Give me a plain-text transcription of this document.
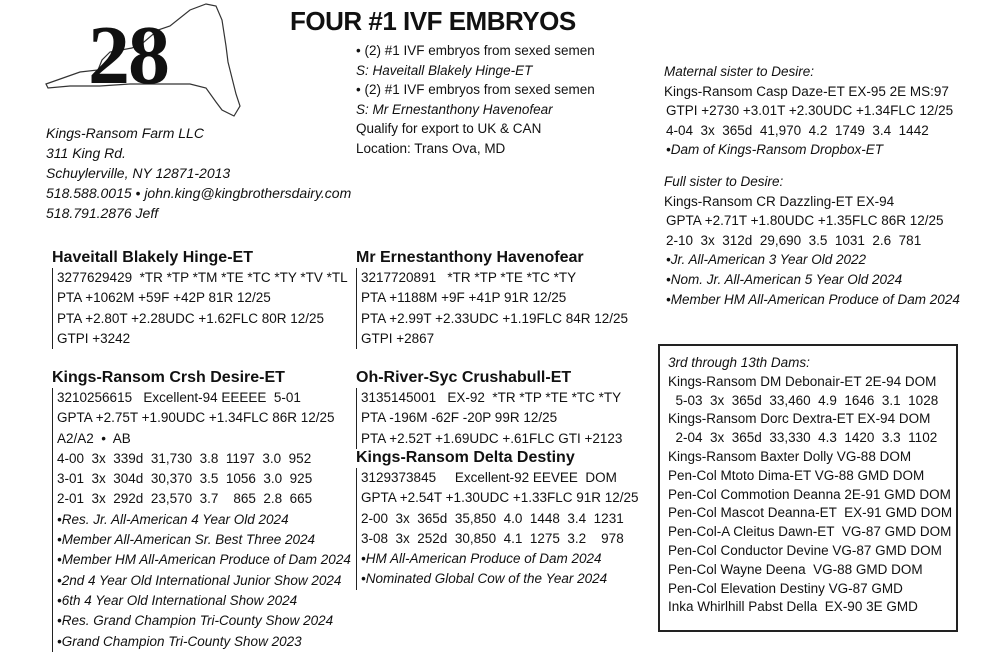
28	FOUR #1 IVF EMBRYOS
• (2) #1 IVF embryos from sexed semen
S: Haveitall Blakely Hinge-ET
• (2) #1 IVF embryos from sexed semen
S: Mr Ernestanthony Havenofear
Qualify for export to UK & CAN
Location: Trans Ova, MD
Kings-Ransom Farm LLC
311 King Rd.
Schuylerville, NY 12871-2013
518.588.0015 • john.king@kingbrothersdairy.com
518.791.2876 Jeff
Haveitall Blakely Hinge-ET
3277629429  *TR *TP *TM *TE *TC *TY *TV *TL
PTA +1062M +59F +42P 81R 12/25
PTA +2.80T +2.28UDC +1.62FLC 80R 12/25
GTPI +3242
Mr Ernestanthony Havenofear
3217720891   *TR *TP *TE *TC *TY
PTA +1188M +9F +41P 91R 12/25
PTA +2.99T +2.33UDC +1.19FLC 84R 12/25
GTPI +2867
Kings-Ransom Crsh Desire-ET
3210256615   Excellent-94 EEEEE  5-01
GPTA +2.75T +1.90UDC +1.34FLC 86R 12/25
A2/A2  •  AB
4-00  3x  339d  31,730  3.8  1197  3.0  952
3-01  3x  304d  30,370  3.5  1056  3.0  925
2-01  3x  292d  23,570  3.7    865  2.8  665
•Res. Jr. All-American 4 Year Old 2024
•Member All-American Sr. Best Three 2024
•Member HM All-American Produce of Dam 2024
•2nd 4 Year Old International Junior Show 2024
•6th 4 Year Old International Show 2024
•Res. Grand Champion Tri-County Show 2024
•Grand Champion Tri-County Show 2023
Oh-River-Syc Crushabull-ET
3135145001   EX-92  *TR *TP *TE *TC *TY
PTA -196M -62F -20P 99R 12/25
PTA +2.52T +1.69UDC +.61FLC GTI +2123
Kings-Ransom Delta Destiny
3129373845     Excellent-92 EEVEE  DOM
GPTA +2.54T +1.30UDC +1.33FLC 91R 12/25
2-00  3x  365d  35,850  4.0  1448  3.4  1231
3-08  3x  252d  30,850  4.1  1275  3.2    978
•HM All-American Produce of Dam 2024
•Nominated Global Cow of the Year 2024
Maternal sister to Desire:
Kings-Ransom Casp Daze-ET EX-95 2E MS:97
GTPI +2730 +3.01T +2.30UDC +1.34FLC 12/25
4-04  3x  365d  41,970  4.2  1749  3.4  1442
•Dam of Kings-Ransom Dropbox-ET
Full sister to Desire:
Kings-Ransom CR Dazzling-ET EX-94
GPTA +2.71T +1.80UDC +1.35FLC 86R 12/25
2-10  3x  312d  29,690  3.5  1031  2.6  781
•Jr. All-American 3 Year Old 2022
•Nom. Jr. All-American 5 Year Old 2024
•Member HM All-American Produce of Dam 2024
3rd through 13th Dams:
Kings-Ransom DM Debonair-ET 2E-94 DOM
5-03  3x  365d  33,460  4.9  1646  3.1  1028
Kings-Ransom Dorc Dextra-ET EX-94 DOM
2-04  3x  365d  33,330  4.3  1420  3.3  1102
Kings-Ransom Baxter Dolly VG-88 DOM
Pen-Col Mtoto Dima-ET VG-88 GMD DOM
Pen-Col Commotion Deanna 2E-91 GMD DOM
Pen-Col Mascot Deanna-ET  EX-91 GMD DOM
Pen-Col-A Cleitus Dawn-ET  VG-87 GMD DOM
Pen-Col Conductor Devine VG-87 GMD DOM
Pen-Col Wayne Deena  VG-88 GMD DOM
Pen-Col Elevation Destiny VG-87 GMD
Inka Whirlhill Pabst Della  EX-90 3E GMD
